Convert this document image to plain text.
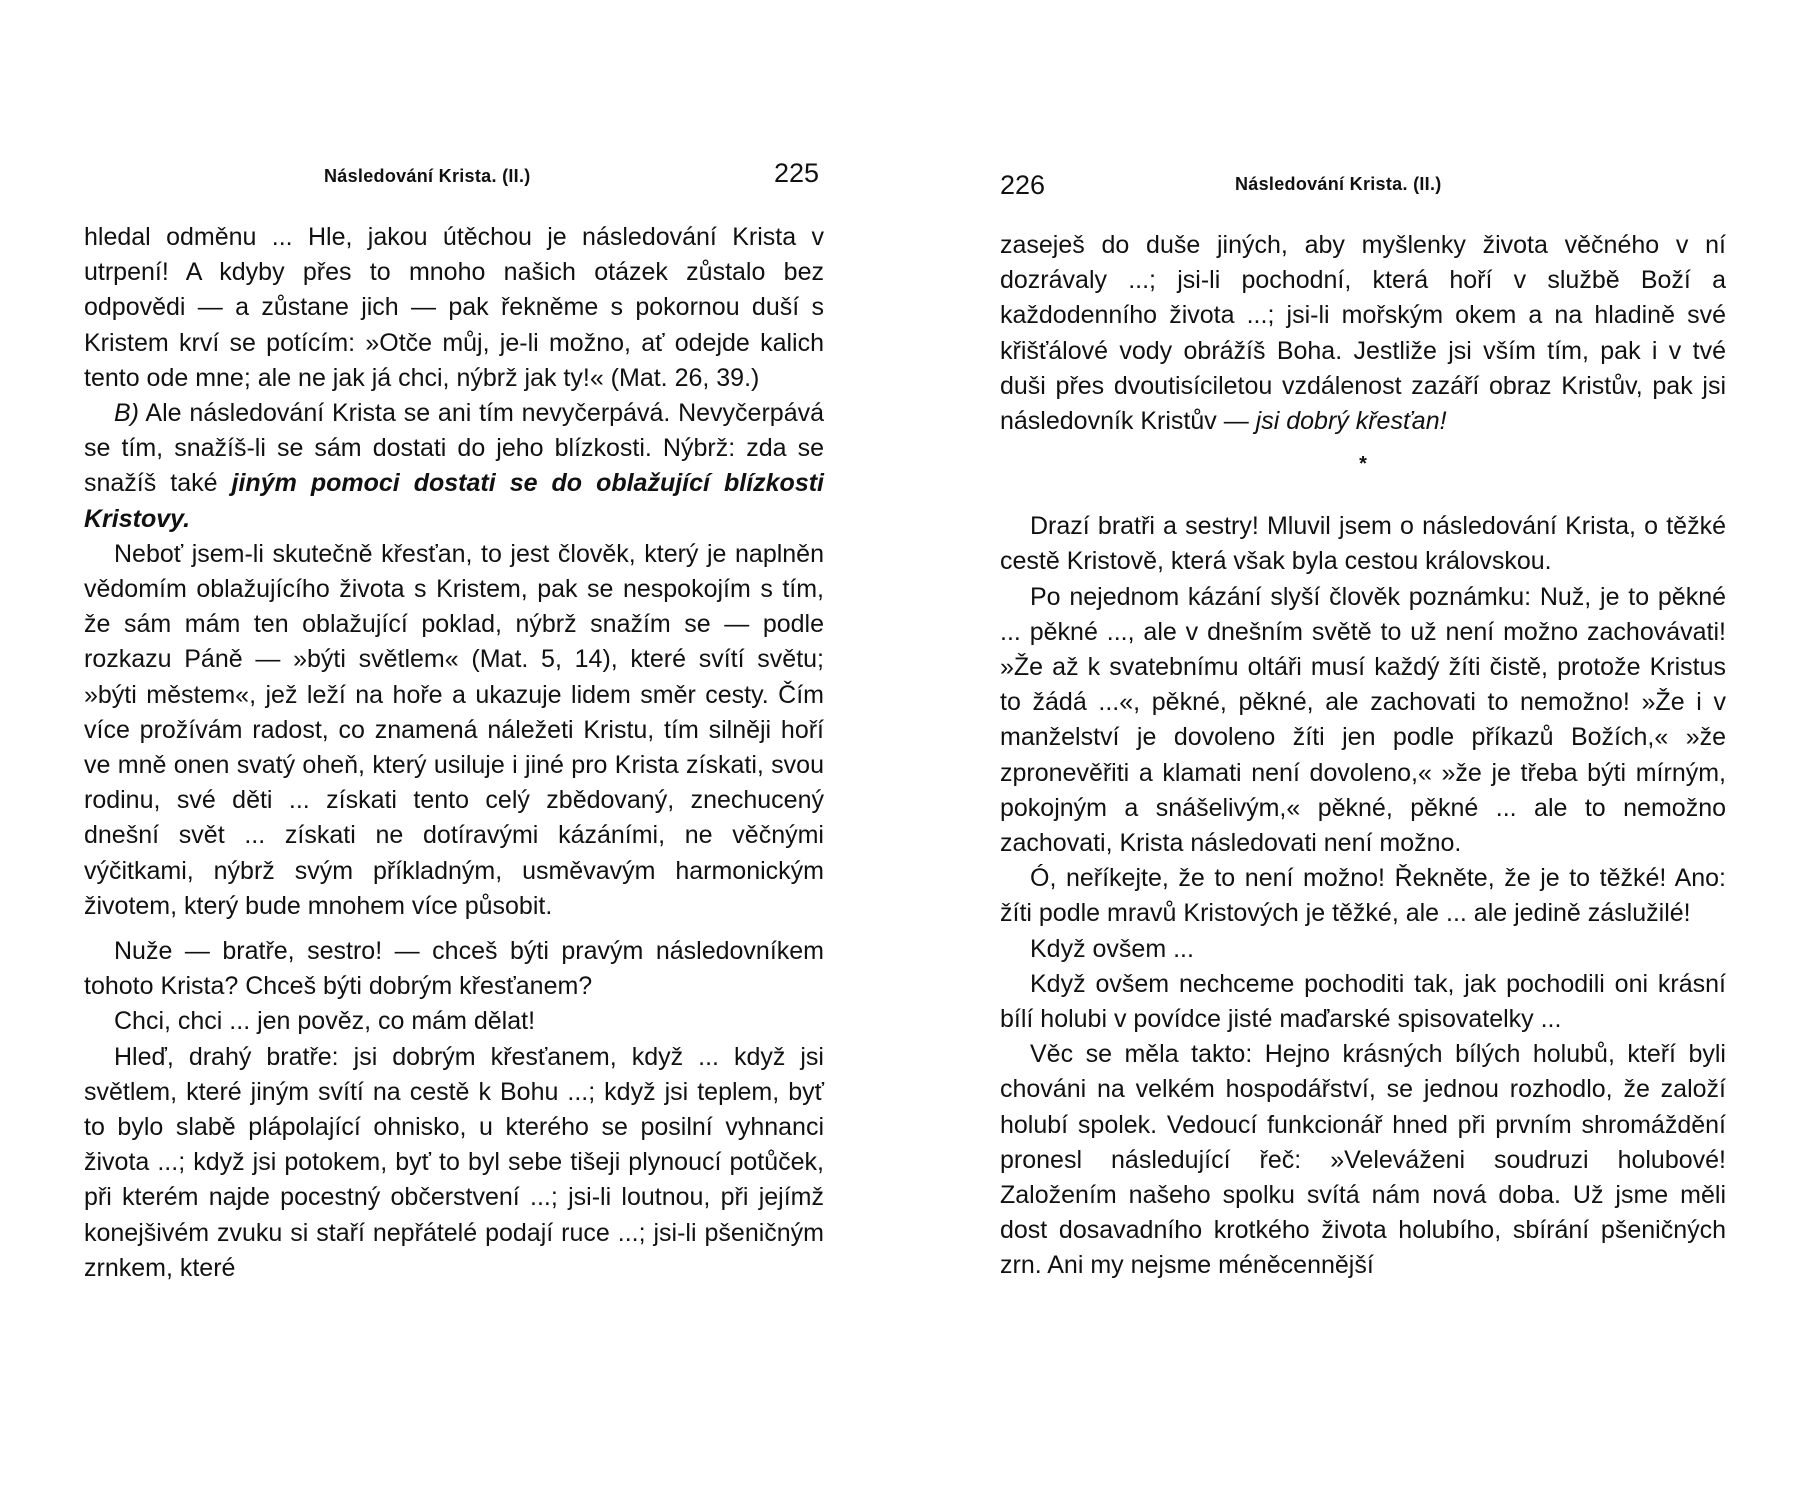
Následování Krista. (II.)	225

hledal odměnu ... Hle, jakou útěchou je následování Krista v utrpení! A kdyby přes to mnoho našich otázek zůstalo bez odpovědi — a zůstane jich — pak řekněme s pokornou duší s Kristem krví se potícím: »Otče můj, je-li možno, ať odejde kalich tento ode mne; ale ne jak já chci, nýbrž jak ty!« (Mat. 26, 39.)

B) Ale následování Krista se ani tím nevyčerpává. Nevyčerpává se tím, snažíš-li se sám dostati do jeho blízkosti. Nýbrž: zda se snažíš také jiným pomoci dostati se do oblažující blízkosti Kristovy.

Neboť jsem-li skutečně křesťan, to jest člověk, který je naplněn vědomím oblažujícího života s Kristem, pak se nespokojím s tím, že sám mám ten oblažující poklad, nýbrž snažím se — podle rozkazu Páně — »býti světlem« (Mat. 5, 14), které svítí světu; »býti městem«, jež leží na hoře a ukazuje lidem směr cesty. Čím více prožívám radost, co znamená náležeti Kristu, tím silněji hoří ve mně onen svatý oheň, který usiluje i jiné pro Krista získati, svou rodinu, své děti ... získati tento celý zbědovaný, znechucený dnešní svět ... získati ne dotíravými kázáními, ne věčnými výčitkami, nýbrž svým příkladným, usměvavým harmonickým životem, který bude mnohem více působit.

Nuže — bratře, sestro! — chceš býti pravým následovníkem tohoto Krista? Chceš býti dobrým křesťanem?

Chci, chci ... jen pověz, co mám dělat!

Hleď, drahý bratře: jsi dobrým křesťanem, když ... když jsi světlem, které jiným svítí na cestě k Bohu ...; když jsi teplem, byť to bylo slabě plápolající ohnisko, u kterého se posilní vyhnanci života ...; když jsi potokem, byť to byl sebe tišeji plynoucí potůček, při kterém najde pocestný občerstvení ...; jsi-li loutnou, při jejímž konejšivém zvuku si staří nepřátelé podají ruce ...; jsi-li pšeničným zrnkem, které

226	Následování Krista. (II.)

zaseješ do duše jiných, aby myšlenky života věčného v ní dozrávaly ...; jsi-li pochodní, která hoří v službě Boží a každodenního života ...; jsi-li mořským okem a na hladině své křišťálové vody obrážíš Boha. Jestliže jsi vším tím, pak i v tvé duši přes dvoutisíciletou vzdálenost zazáří obraz Kristův, pak jsi následovník Kristův — jsi dobrý křesťan!

*

Drazí bratři a sestry! Mluvil jsem o následování Krista, o těžké cestě Kristově, která však byla cestou královskou.

Po nejednom kázání slyší člověk poznámku: Nuž, je to pěkné ... pěkné ..., ale v dnešním světě to už není možno zachovávati! »Že až k svatebnímu oltáři musí každý žíti čistě, protože Kristus to žádá ...«, pěkné, pěkné, ale zachovati to nemožno! »Že i v manželství je dovoleno žíti jen podle příkazů Božích,« »že zpronevěřiti a klamati není dovoleno,« »že je třeba býti mírným, pokojným a snášelivým,« pěkné, pěkné ... ale to nemožno zachovati, Krista následovati není možno.

Ó, neříkejte, že to není možno! Řekněte, že je to těžké! Ano: žíti podle mravů Kristových je těžké, ale ... ale jedině záslužilé!

Když ovšem ...

Když ovšem nechceme pochoditi tak, jak pochodili oni krásní bílí holubi v povídce jisté maďarské spisovatelky ...

Věc se měla takto: Hejno krásných bílých holubů, kteří byli chováni na velkém hospodářství, se jednou rozhodlo, že založí holubí spolek. Vedoucí funkcionář hned při prvním shromáždění pronesl následující řeč: »Veleváženi soudruzi holubové! Založením našeho spolku svítá nám nová doba. Už jsme měli dost dosavadního krotkého života holubího, sbírání pšeničných zrn. Ani my nejsme méněcennější
